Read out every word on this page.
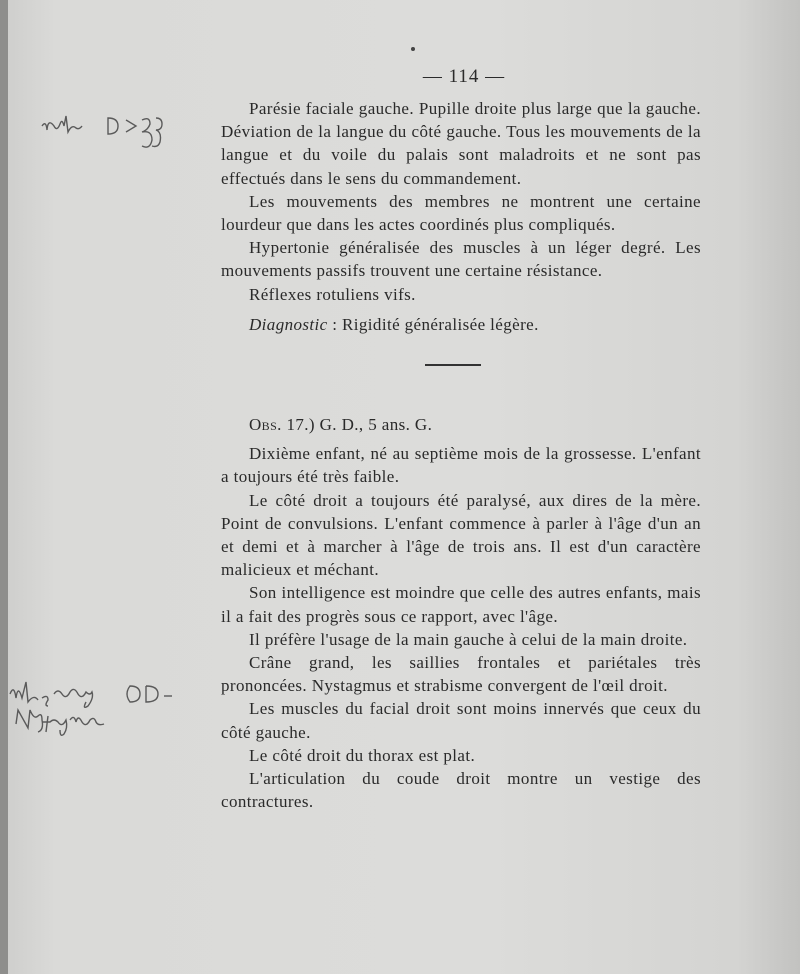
— 114 —

Parésie faciale gauche. Pupille droite plus large que la gauche. Déviation de la langue du côté gauche. Tous les mouvements de la langue et du voile du palais sont maladroits et ne sont pas effectués dans le sens du commandement.

Les mouvements des membres ne montrent une certaine lourdeur que dans les actes coordinés plus compliqués.

Hypertonie généralisée des muscles à un léger degré. Les mouvements passifs trouvent une certaine résistance.

Réflexes rotuliens vifs.

Diagnostic : Rigidité généralisée légère.

Obs. 17.) G. D., 5 ans. G.

Dixième enfant, né au septième mois de la grossesse. L'enfant a toujours été très faible.

Le côté droit a toujours été paralysé, aux dires de la mère. Point de convulsions. L'enfant commence à parler à l'âge d'un an et demi et à marcher à l'âge de trois ans. Il est d'un caractère malicieux et méchant.

Son intelligence est moindre que celle des autres enfants, mais il a fait des progrès sous ce rapport, avec l'âge.

Il préfère l'usage de la main gauche à celui de la main droite.

Crâne grand, les saillies frontales et pariétales très prononcées. Nystagmus et strabisme convergent de l'œil droit.

Les muscles du facial droit sont moins innervés que ceux du côté gauche.

Le côté droit du thorax est plat.

L'articulation du coude droit montre un vestige des contractures.
